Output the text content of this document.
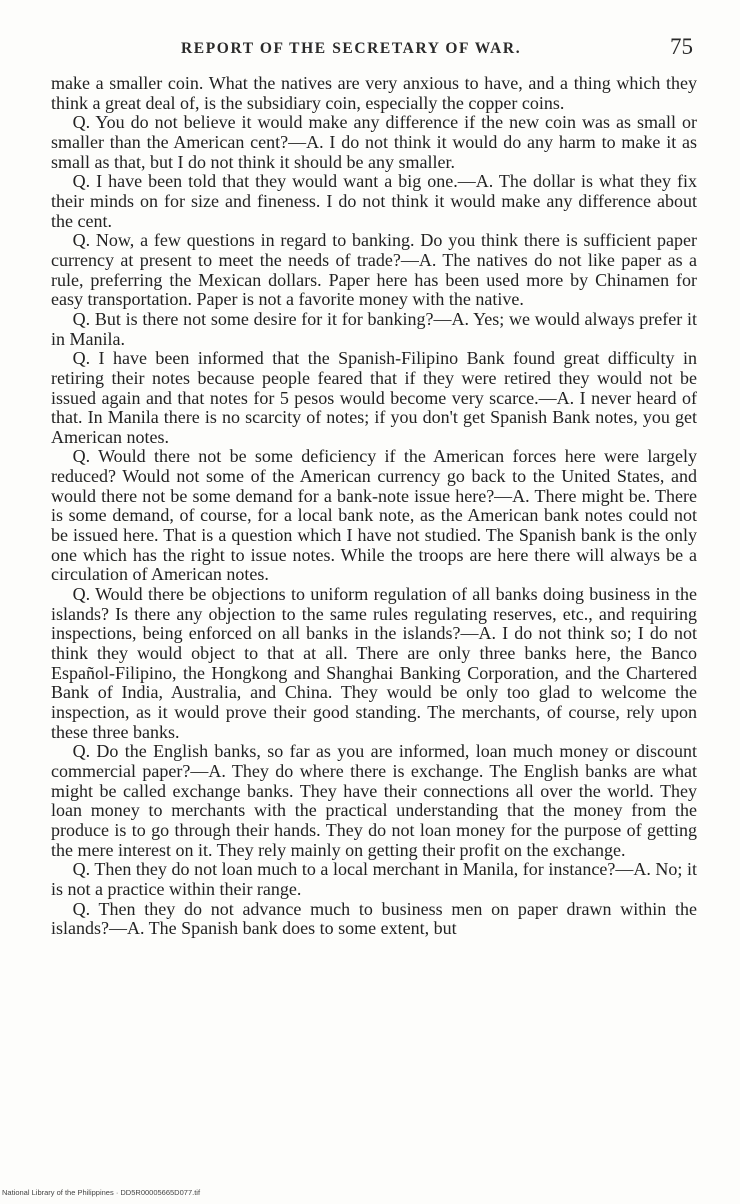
REPORT OF THE SECRETARY OF WAR.	75

make a smaller coin. What the natives are very anxious to have, and a thing which they think a great deal of, is the subsidiary coin, especially the copper coins.

Q. You do not believe it would make any difference if the new coin was as small or smaller than the American cent?—A. I do not think it would do any harm to make it as small as that, but I do not think it should be any smaller.

Q. I have been told that they would want a big one.—A. The dollar is what they fix their minds on for size and fineness. I do not think it would make any difference about the cent.

Q. Now, a few questions in regard to banking. Do you think there is sufficient paper currency at present to meet the needs of trade?—A. The natives do not like paper as a rule, preferring the Mexican dollars. Paper here has been used more by Chinamen for easy transportation. Paper is not a favorite money with the native.

Q. But is there not some desire for it for banking?—A. Yes; we would always prefer it in Manila.

Q. I have been informed that the Spanish-Filipino Bank found great difficulty in retiring their notes because people feared that if they were retired they would not be issued again and that notes for 5 pesos would become very scarce.—A. I never heard of that. In Manila there is no scarcity of notes; if you don't get Spanish Bank notes, you get American notes.

Q. Would there not be some deficiency if the American forces here were largely reduced? Would not some of the American currency go back to the United States, and would there not be some demand for a bank-note issue here?—A. There might be. There is some demand, of course, for a local bank note, as the American bank notes could not be issued here. That is a question which I have not studied. The Spanish bank is the only one which has the right to issue notes. While the troops are here there will always be a circulation of American notes.

Q. Would there be objections to uniform regulation of all banks doing business in the islands? Is there any objection to the same rules regulating reserves, etc., and requiring inspections, being enforced on all banks in the islands?—A. I do not think so; I do not think they would object to that at all. There are only three banks here, the Banco Español-Filipino, the Hongkong and Shanghai Banking Corporation, and the Chartered Bank of India, Australia, and China. They would be only too glad to welcome the inspection, as it would prove their good standing. The merchants, of course, rely upon these three banks.

Q. Do the English banks, so far as you are informed, loan much money or discount commercial paper?—A. They do where there is exchange. The English banks are what might be called exchange banks. They have their connections all over the world. They loan money to merchants with the practical understanding that the money from the produce is to go through their hands. They do not loan money for the purpose of getting the mere interest on it. They rely mainly on getting their profit on the exchange.

Q. Then they do not loan much to a local merchant in Manila, for instance?—A. No; it is not a practice within their range.

Q. Then they do not advance much to business men on paper drawn within the islands?—A. The Spanish bank does to some extent, but

National Library of the Philippines · DD5R00005665D077.tif
